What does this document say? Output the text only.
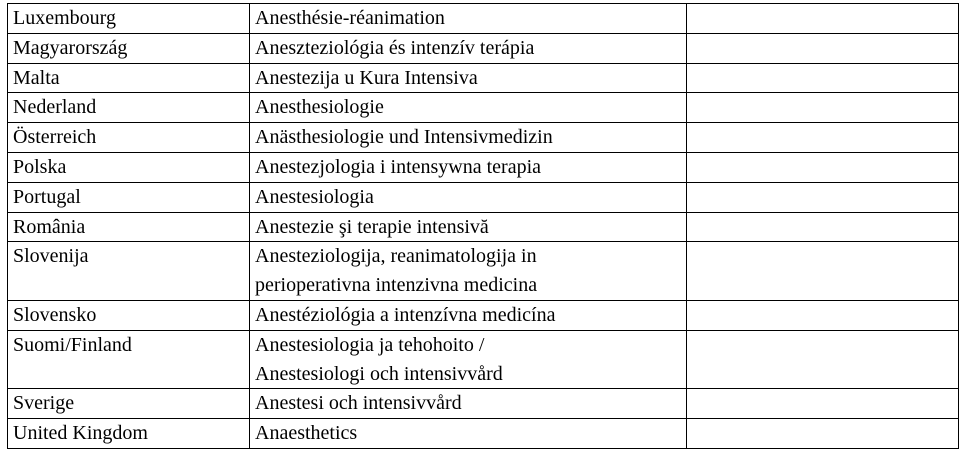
Luxembourg	Anesthésie-réanimation	

Magyarország	Aneszteziológia és intenzív terápia	

Malta	Anestezija u Kura Intensiva	

Nederland	Anesthesiologie	

Österreich	Anästhesiologie und Intensivmedizin	

Polska	Anestezjologia i intensywna terapia	

Portugal	Anestesiologia	

România	Anestezie şi terapie intensivă	

Slovenija	Anesteziologija, reanimatologija in
perioperativna intenzivna medicina	

Slovensko	Anestéziológia a intenzívna medicína	

Suomi/Finland	Anestesiologia ja tehohoito /
Anestesiologi och intensivvård	

Sverige	Anestesi och intensivvård	

United Kingdom	Anaesthetics	
